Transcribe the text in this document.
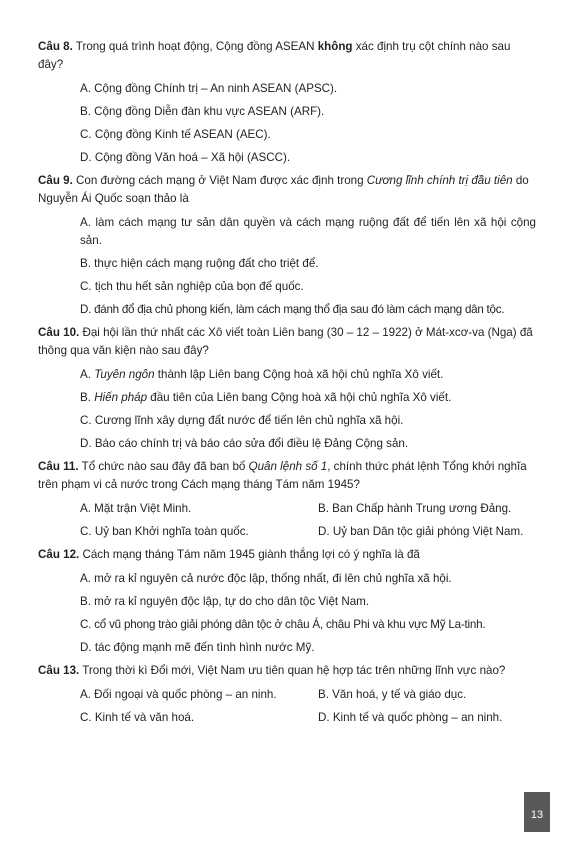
Câu 8. Trong quá trình hoạt động, Cộng đồng ASEAN không xác định trụ cột chính nào sau đây?

A. Cộng đồng Chính trị – An ninh ASEAN (APSC).
B. Cộng đồng Diễn đàn khu vực ASEAN (ARF).
C. Cộng đồng Kinh tế ASEAN (AEC).
D. Cộng đồng Văn hoá – Xã hội (ASCC).

Câu 9. Con đường cách mạng ở Việt Nam được xác định trong Cương lĩnh chính trị đầu tiên do Nguyễn Ái Quốc soạn thảo là

A. làm cách mạng tư sản dân quyền và cách mạng ruộng đất để tiến lên xã hội cộng sản.
B. thực hiện cách mạng ruộng đất cho triệt để.
C. tịch thu hết sản nghiệp của bọn đế quốc.
D. đánh đổ địa chủ phong kiến, làm cách mạng thổ địa sau đó làm cách mạng dân tộc.

Câu 10. Đại hội lần thứ nhất các Xô viết toàn Liên bang (30 – 12 – 1922) ở Mát-xcơ-va (Nga) đã thông qua văn kiện nào sau đây?

A. Tuyên ngôn thành lập Liên bang Cộng hoà xã hội chủ nghĩa Xô viết.
B. Hiến pháp đầu tiên của Liên bang Cộng hoà xã hội chủ nghĩa Xô viết.
C. Cương lĩnh xây dựng đất nước để tiến lên chủ nghĩa xã hội.
D. Báo cáo chính trị và báo cáo sửa đổi điều lệ Đảng Cộng sản.

Câu 11. Tổ chức nào sau đây đã ban bố Quân lệnh số 1, chính thức phát lệnh Tổng khởi nghĩa trên phạm vi cả nước trong Cách mạng tháng Tám năm 1945?

A. Mặt trận Việt Minh.	B. Ban Chấp hành Trung ương Đảng.
C. Uỷ ban Khởi nghĩa toàn quốc.	D. Uỷ ban Dân tộc giải phóng Việt Nam.

Câu 12. Cách mạng tháng Tám năm 1945 giành thắng lợi có ý nghĩa là đã

A. mở ra kỉ nguyên cả nước độc lập, thống nhất, đi lên chủ nghĩa xã hội.
B. mở ra kỉ nguyên độc lập, tự do cho dân tộc Việt Nam.
C. cổ vũ phong trào giải phóng dân tộc ở châu Á, châu Phi và khu vực Mỹ La-tinh.
D. tác động mạnh mẽ đến tình hình nước Mỹ.

Câu 13. Trong thời kì Đổi mới, Việt Nam ưu tiên quan hệ hợp tác trên những lĩnh vực nào?

A. Đối ngoại và quốc phòng – an ninh.	B. Văn hoá, y tế và giáo dục.
C. Kinh tế và văn hoá.	D. Kinh tế và quốc phòng – an ninh.
13
